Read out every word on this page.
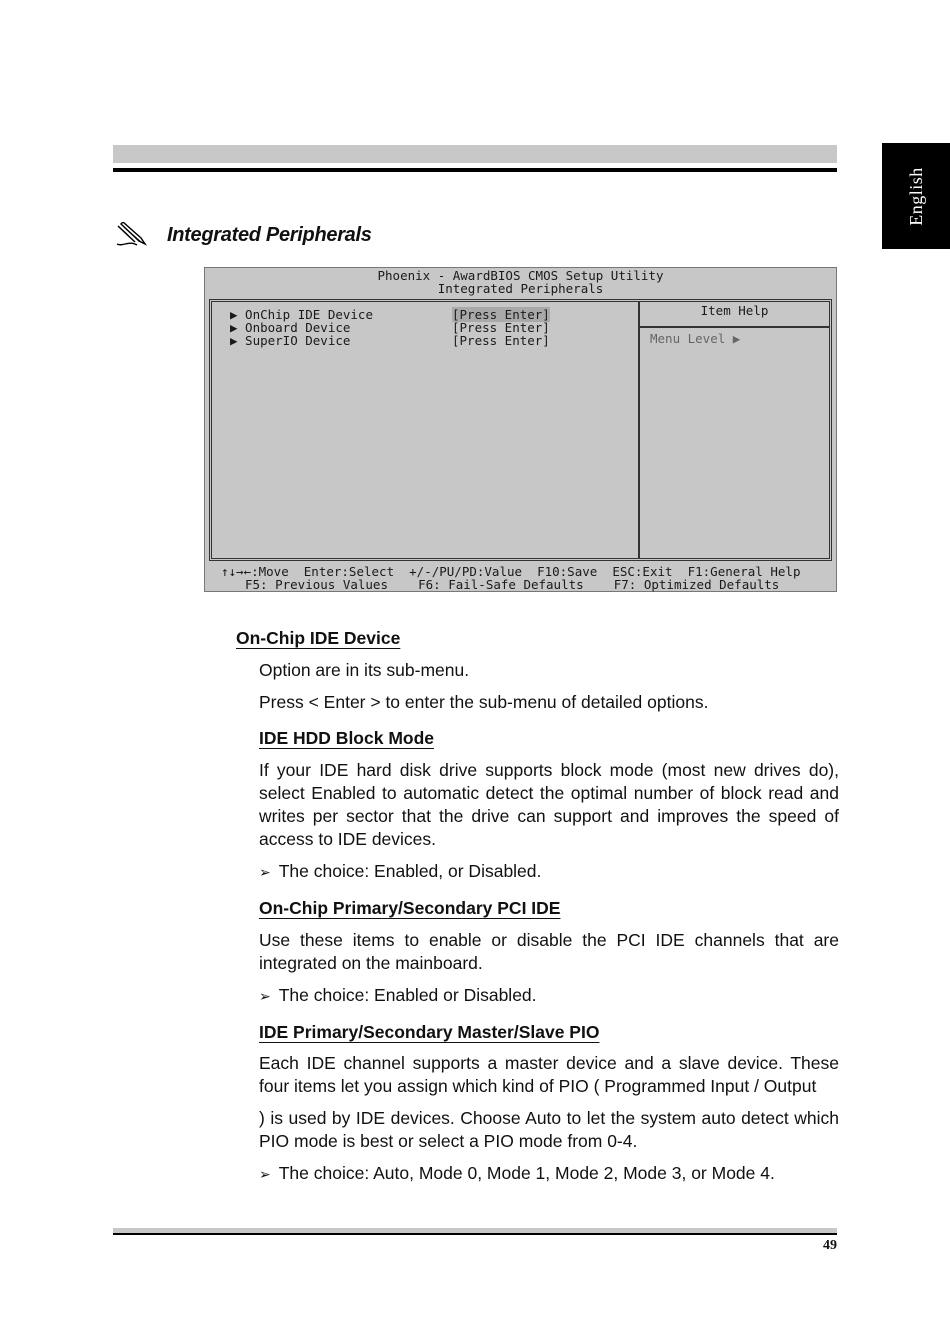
English
Integrated Peripherals
Phoenix - AwardBIOS CMOS Setup Utility
Integrated Peripherals
▶ OnChip IDE Device	[Press Enter]
▶ Onboard Device	[Press Enter]
▶ SuperIO Device	[Press Enter]
Item Help
Menu Level ▶
↑↓→←:Move  Enter:Select  +/-/PU/PD:Value  F10:Save  ESC:Exit  F1:General Help
F5: Previous Values    F6: Fail-Safe Defaults    F7: Optimized Defaults
On-Chip IDE Device
Option are in its sub-menu.
Press < Enter > to enter the sub-menu of detailed options.
IDE HDD Block Mode
If your IDE hard disk drive supports block mode (most new drives do), select Enabled to automatic detect the optimal number of block read and writes per sector that the drive can support and improves the speed of access to IDE devices.
➢ The choice: Enabled, or Disabled.
On-Chip Primary/Secondary PCI IDE
Use these items to enable or disable the PCI IDE channels that are integrated on the mainboard.
➢ The choice: Enabled or Disabled.
IDE Primary/Secondary Master/Slave PIO
Each IDE channel supports a master device and a slave device. These four items let you assign which kind of PIO ( Programmed Input / Output
) is used by IDE devices. Choose Auto to let the system auto detect which PIO mode is best or select a PIO mode from 0-4.
➢ The choice: Auto, Mode 0, Mode 1, Mode 2, Mode 3, or Mode 4.
49
